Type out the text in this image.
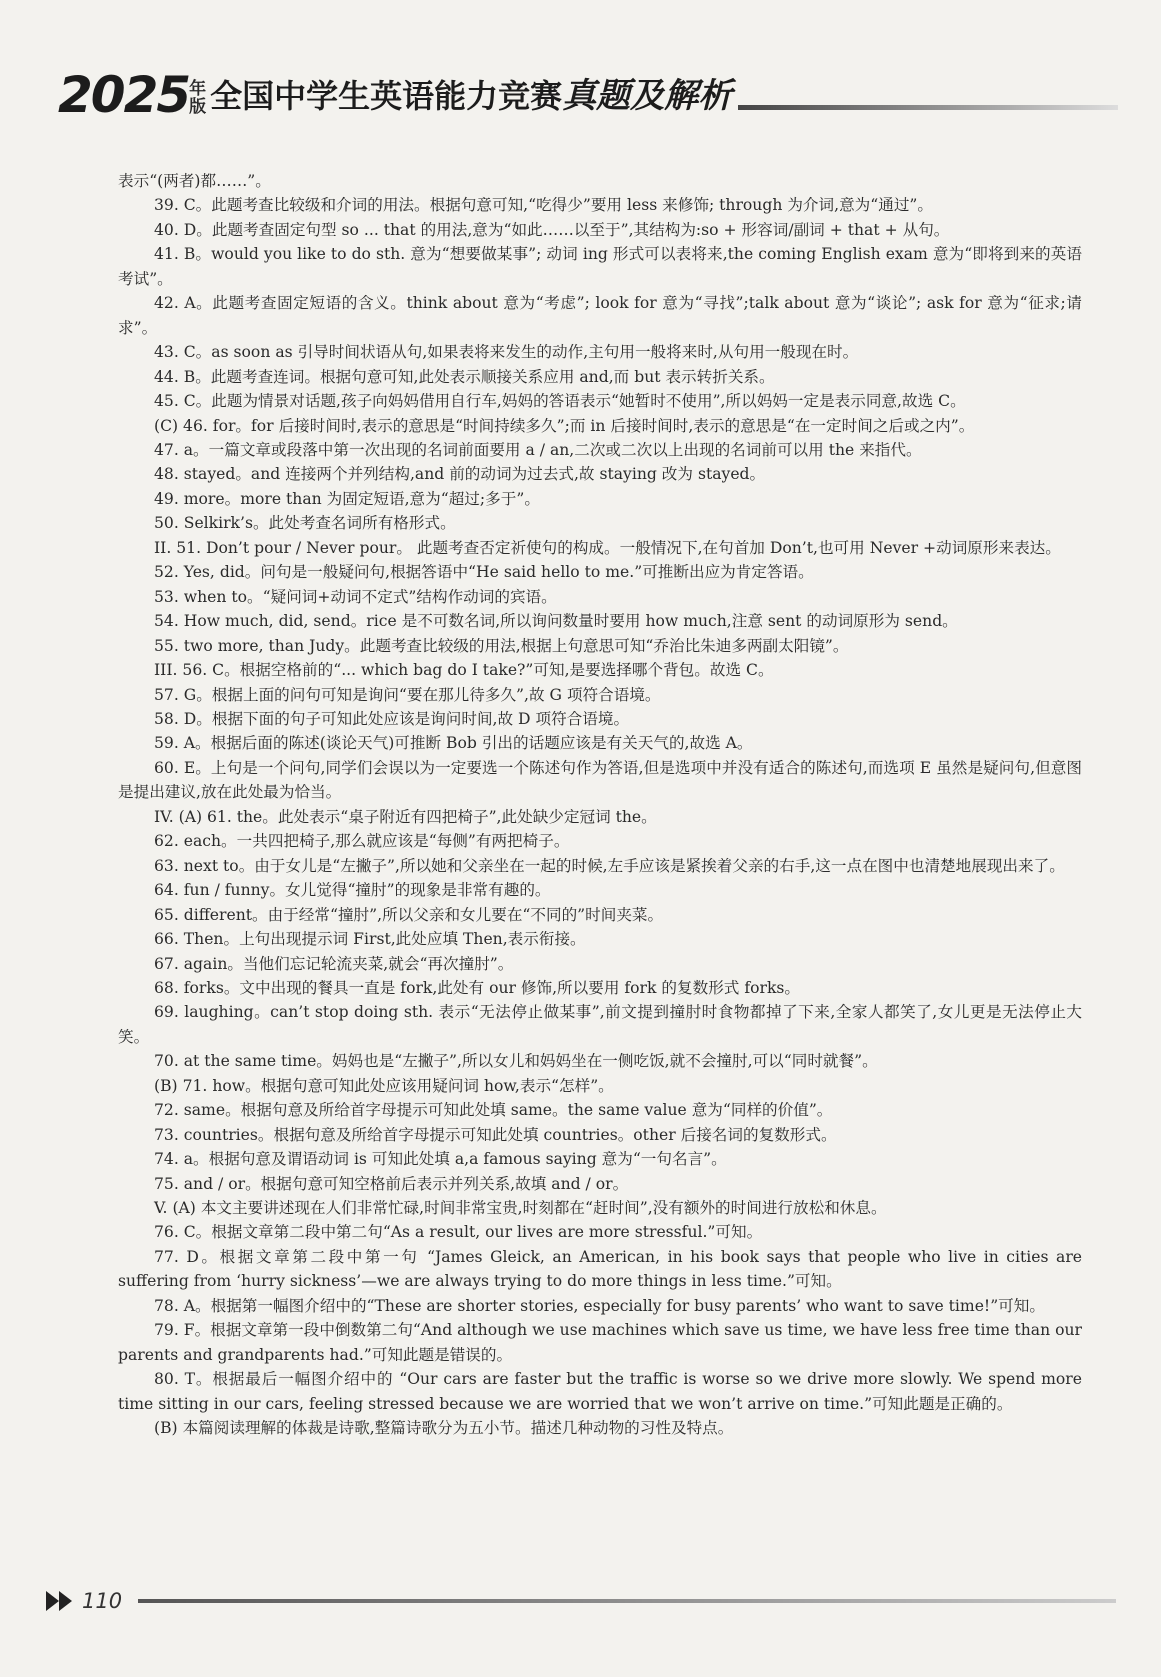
2025 年
版 全国中学生英语能力竞赛 真题及解析

表示“(两者)都……”。

39. C。此题考查比较级和介词的用法。根据句意可知,“吃得少”要用 less 来修饰; through 为介词,意为“通过”。

40. D。此题考查固定句型 so ... that 的用法,意为“如此……以至于”,其结构为:so + 形容词/副词 + that + 从句。

41. B。would you like to do sth. 意为“想要做某事”; 动词 ing 形式可以表将来,the coming English exam 意为“即将到来的英语考试”。

42. A。此题考查固定短语的含义。think about 意为“考虑”; look for 意为“寻找”;talk about 意为“谈论”; ask for 意为“征求;请求”。

43. C。as soon as 引导时间状语从句,如果表将来发生的动作,主句用一般将来时,从句用一般现在时。

44. B。此题考查连词。根据句意可知,此处表示顺接关系应用 and,而 but 表示转折关系。

45. C。此题为情景对话题,孩子向妈妈借用自行车,妈妈的答语表示“她暂时不使用”,所以妈妈一定是表示同意,故选 C。

(C) 46. for。for 后接时间时,表示的意思是“时间持续多久”;而 in 后接时间时,表示的意思是“在一定时间之后或之内”。

47. a。一篇文章或段落中第一次出现的名词前面要用 a / an,二次或二次以上出现的名词前可以用 the 来指代。

48. stayed。and 连接两个并列结构,and 前的动词为过去式,故 staying 改为 stayed。

49. more。more than 为固定短语,意为“超过;多于”。

50. Selkirk’s。此处考查名词所有格形式。

II. 51. Don’t pour / Never pour。 此题考查否定祈使句的构成。一般情况下,在句首加 Don’t,也可用 Never +动词原形来表达。

52. Yes, did。问句是一般疑问句,根据答语中“He said hello to me.”可推断出应为肯定答语。

53. when to。“疑问词+动词不定式”结构作动词的宾语。

54. How much, did, send。rice 是不可数名词,所以询问数量时要用 how much,注意 sent 的动词原形为 send。

55. two more, than Judy。此题考查比较级的用法,根据上句意思可知“乔治比朱迪多两副太阳镜”。

III. 56. C。根据空格前的“... which bag do I take?”可知,是要选择哪个背包。故选 C。

57. G。根据上面的问句可知是询问“要在那儿待多久”,故 G 项符合语境。

58. D。根据下面的句子可知此处应该是询问时间,故 D 项符合语境。

59. A。根据后面的陈述(谈论天气)可推断 Bob 引出的话题应该是有关天气的,故选 A。

60. E。上句是一个问句,同学们会误以为一定要选一个陈述句作为答语,但是选项中并没有适合的陈述句,而选项 E 虽然是疑问句,但意图是提出建议,放在此处最为恰当。

IV. (A) 61. the。此处表示“桌子附近有四把椅子”,此处缺少定冠词 the。

62. each。一共四把椅子,那么就应该是“每侧”有两把椅子。

63. next to。由于女儿是“左撇子”,所以她和父亲坐在一起的时候,左手应该是紧挨着父亲的右手,这一点在图中也清楚地展现出来了。

64. fun / funny。女儿觉得“撞肘”的现象是非常有趣的。

65. different。由于经常“撞肘”,所以父亲和女儿要在“不同的”时间夹菜。

66. Then。上句出现提示词 First,此处应填 Then,表示衔接。

67. again。当他们忘记轮流夹菜,就会“再次撞肘”。

68. forks。文中出现的餐具一直是 fork,此处有 our 修饰,所以要用 fork 的复数形式 forks。

69. laughing。can’t stop doing sth. 表示“无法停止做某事”,前文提到撞肘时食物都掉了下来,全家人都笑了,女儿更是无法停止大笑。

70. at the same time。妈妈也是“左撇子”,所以女儿和妈妈坐在一侧吃饭,就不会撞肘,可以“同时就餐”。

(B) 71. how。根据句意可知此处应该用疑问词 how,表示“怎样”。

72. same。根据句意及所给首字母提示可知此处填 same。the same value 意为“同样的价值”。

73. countries。根据句意及所给首字母提示可知此处填 countries。other 后接名词的复数形式。

74. a。根据句意及谓语动词 is 可知此处填 a,a famous saying 意为“一句名言”。

75. and / or。根据句意可知空格前后表示并列关系,故填 and / or。

V. (A) 本文主要讲述现在人们非常忙碌,时间非常宝贵,时刻都在“赶时间”,没有额外的时间进行放松和休息。

76. C。根据文章第二段中第二句“As a result, our lives are more stressful.”可知。

77. D。根据文章第二段中第一句 “James Gleick, an American, in his book says that people who live in cities are suffering from ‘hurry sickness’—we are always trying to do more things in less time.”可知。

78. A。根据第一幅图介绍中的“These are shorter stories, especially for busy parents’ who want to save time!”可知。

79. F。根据文章第一段中倒数第二句“And although we use machines which save us time, we have less free time than our parents and grandparents had.”可知此题是错误的。

80. T。根据最后一幅图介绍中的 “Our cars are faster but the traffic is worse so we drive more slowly. We spend more time sitting in our cars, feeling stressed because we are worried that we won’t arrive on time.”可知此题是正确的。

(B) 本篇阅读理解的体裁是诗歌,整篇诗歌分为五小节。描述几种动物的习性及特点。

110
